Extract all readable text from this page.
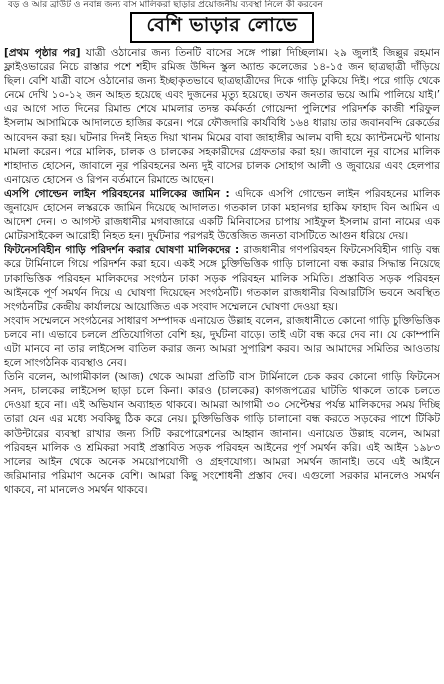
বড় ও আর ব্রাউট ও নবান্ন জন্য বাস মালিকরা ছাড়ার প্রয়োজনীয় ব্যবস্থা নিলে কী করবেন
বেশি ভাড়ার লোভে

[প্রথম পৃষ্ঠার পর] যাত্রী ওঠানোর জন্য তিনটি বাসের সঙ্গে পাল্লা দিচ্ছিলাম। ২৯ জুলাই জিল্লুর রহমান ফ্লাইওভারের নিচে রাস্তার পশে শহীদ রমিজ উদ্দিন স্কুল অ্যান্ড কলেজের ১৪-১৫ জন ছাত্রছাত্রী দাঁড়িয়ে ছিল। বেশি যাত্রী বাসে ওঠানোর জন্য ইচ্ছাকৃতভাবে ছাত্রছাত্রীদের দিকে গাড়ি ঢুকিয়ে দিই। পরে গাড়ি থেকে নেমে দেখি ১০-১২ জন আহত হয়েছে এবং দুজনের মৃত্যু হয়েছে। তখন জনতার ভয়ে আমি পালিয়ে যাই।’ এর আগে সাত দিনের রিমান্ড শেষে মামলার তদন্ত কর্মকর্তা গোয়েন্দা পুলিশের পরিদর্শক কাজী শরিফুল ইসলাম আসামিকে আদালতে হাজির করেন। পরে ফৌজদারি কার্যবিধি ১৬৪ ধারায় তার জবানবন্দি রেকর্ডের আবেদন করা হয়। ঘটনার দিনই নিহত দিয়া খানম মিমের বাবা জাহাঙ্গীর আলম বাদী হয়ে ক্যান্টনমেন্ট থানায় মামলা করেন। পরে মালিক, চালক ও চালকের সহকারীদের গ্রেফতার করা হয়। জাবালে নূর বাসের মালিক শাহাদাত হোসেন, জাবালে নূর পরিবহনের অন্য দুই বাসের চালক সোহাগ আলী ও জুবায়ের এবং হেলপার এনায়েত হোসেন ও রিপন বর্তমানে রিমান্ডে আছেন।

এসপি গোল্ডেন লাইন পরিবহনের মালিকের জামিন : এদিকে এসপি গোল্ডেন লাইন পরিবহনের মালিক জুনায়েদ হোসেন লস্করকে জামিন দিয়েছে আদালত। গতকাল ঢাকা মহানগর হাকিম ফাহাদ বিন আমিন এ আদেশ দেন। ৩ আগস্ট রাজধানীর মগবাজারে একটি মিনিবাসের চাপায় সাইফুল ইসলাম রানা নামের এক মোটরসাইকেল আরোহী নিহত হন। দুর্ঘটনার পরপরই উত্তেজিত জনতা বাসটিতে আগুন ধরিয়ে দেয়।

ফিটনেসবিহীন গাড়ি পরিদর্শন করার ঘোষণা মালিকদের : রাজধানীর গণপরিবহন ফিটনেসবিহীন গাড়ি বন্ধ করে টার্মিনালে গিয়ে পরিদর্শন করা হবে। একই সঙ্গে চুক্তিভিত্তিক গাড়ি চালানো বন্ধ করার সিদ্ধান্ত নিয়েছে ঢাকাভিত্তিক পরিবহন মালিকদের সংগঠন ঢাকা সড়ক পরিবহন মালিক সমিতি। প্রস্তাবিত সড়ক পরিবহন আইনকে পূর্ণ সমর্থন দিয়ে এ ঘোষণা দিয়েছেন সংগঠনটি। গতকাল রাজধানীর বিআরটিসি ভবনে অবস্থিত সংগঠনটির কেন্দ্রীয় কার্যালয়ে আয়োজিত এক সংবাদ সম্মেলনে ঘোষণা দেওয়া হয়।

সংবাদ সম্মেলনে সংগঠনের সাধারণ সম্পাদক এনায়েত উল্লাহ বলেন, রাজধানীতে কোনো গাড়ি চুক্তিভিত্তিক চলবে না। এভাবে চললে প্রতিযোগিতা বেশি হয়, দুর্ঘটনা বাড়ে। তাই এটা বন্ধ করে দেব না। যে কোম্পানি এটা মানবে না তার লাইসেন্স বাতিল করার জন্য আমরা সুপারিশ করব। আর আমাদের সমিতির আওতায় হলে সাংগঠনিক ব্যবস্থাও নেব।

তিনি বলেন, আগামীকাল (আজ) থেকে আমরা প্রতিটি বাস টার্মিনালে চেক করব কোনো গাড়ি ফিটনেস সনদ, চালকের লাইসেন্স ছাড়া চলে কিনা। কারও (চালকের) কাগজপত্রের ঘাটতি থাকলে তাকে চলতে দেওয়া হবে না। এই অভিযান অব্যাহত থাকবে। আমরা আগামী ৩০ সেপ্টেম্বর পর্যন্ত মালিকদের সময় দিচ্ছি তারা যেন এর মধ্যে সবকিছু ঠিক করে নেয়। চুক্তিভিত্তিক গাড়ি চালানো বন্ধ করতে সড়কের পাশে টিকিট কাউন্টারের ব্যবস্থা রাখার জন্য সিটি করপোরেশনের আহ্বান জানান। এনায়েত উল্লাহ বলেন, আমরা পরিবহন মালিক ও শ্রমিকরা সবাই প্রস্তাবিত সড়ক পরিবহন আইনের পূর্ণ সমর্থন করি। এই আইন ১৯৮৩ সালের আইন থেকে অনেক সময়োপযোগী ও গ্রহণযোগ্য। আমরা সমর্থন জানাই। তবে এই আইনে জরিমানার পরিমাণ অনেক বেশি। আমরা কিছু সংশোধনী প্রস্তাব দেব। এগুলো সরকার মানলেও সমর্থন থাকবে, না মানলেও সমর্থন থাকবে।
